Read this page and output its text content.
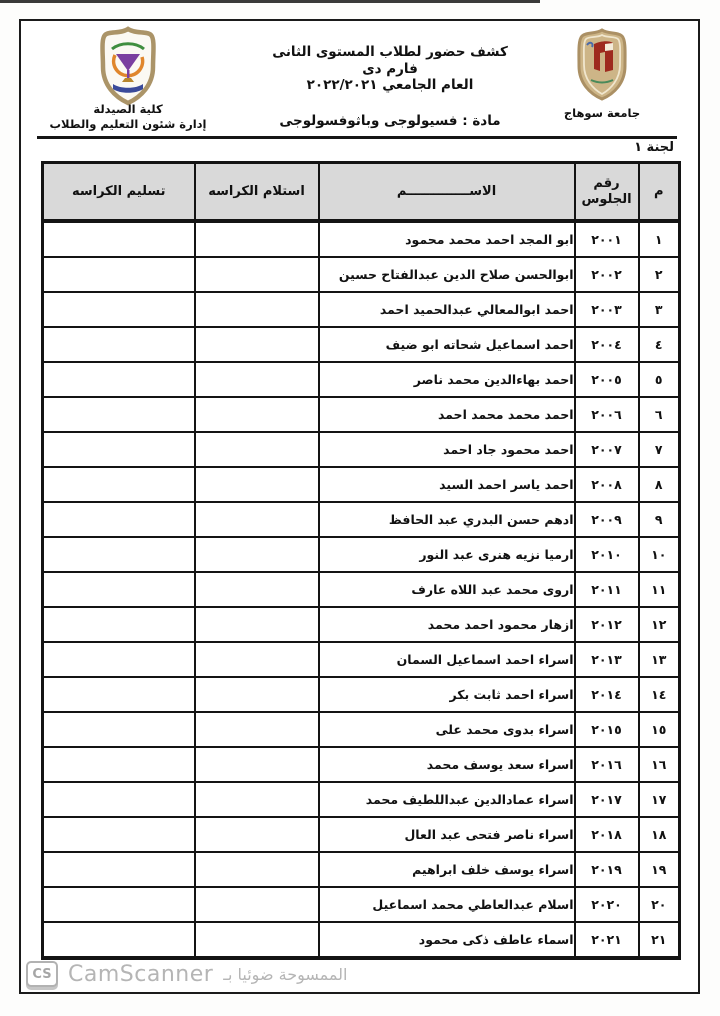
كلية الصيدلة
إدارة شئون التعليم والطلاب
كشف حضور لطلاب المستوى الثانى
فارم دى
العام الجامعي ٢٠٢٢/٢٠٢١
مادة : فسيولوجى وباثوفسولوجى	جامعة سوهاج
لجنة ١
م	رقم الجلوس	الاســــــــــــــم	استلام الكراسه	تسليم الكراسه
١	٢٠٠١	ابو المجد احمد محمد محمود		
٢	٢٠٠٢	ابوالحسن صلاح الدين عبدالفتاح حسين		
٣	٢٠٠٣	احمد ابوالمعالي عبدالحميد احمد		
٤	٢٠٠٤	احمد اسماعيل شحاته ابو ضيف		
٥	٢٠٠٥	احمد بهاءالدين محمد ناصر		
٦	٢٠٠٦	احمد محمد محمد احمد		
٧	٢٠٠٧	احمد محمود جاد احمد		
٨	٢٠٠٨	احمد ياسر احمد السيد		
٩	٢٠٠٩	ادهم حسن البدري عبد الحافظ		
١٠	٢٠١٠	ارميا نزيه هنرى عبد النور		
١١	٢٠١١	اروى محمد عبد اللاه عارف		
١٢	٢٠١٢	ازهار محمود احمد محمد		
١٣	٢٠١٣	اسراء احمد اسماعيل السمان		
١٤	٢٠١٤	اسراء احمد ثابت بكر		
١٥	٢٠١٥	اسراء بدوى محمد على		
١٦	٢٠١٦	اسراء سعد يوسف محمد		
١٧	٢٠١٧	اسراء عمادالدين عبداللطيف محمد		
١٨	٢٠١٨	اسراء ناصر فتحى عبد العال		
١٩	٢٠١٩	اسراء يوسف خلف ابراهيم		
٢٠	٢٠٢٠	اسلام عبدالعاطي محمد اسماعيل		
٢١	٢٠٢١	اسماء عاطف ذكى محمود		
CS CamScanner الممسوحة ضوئيا بـ
